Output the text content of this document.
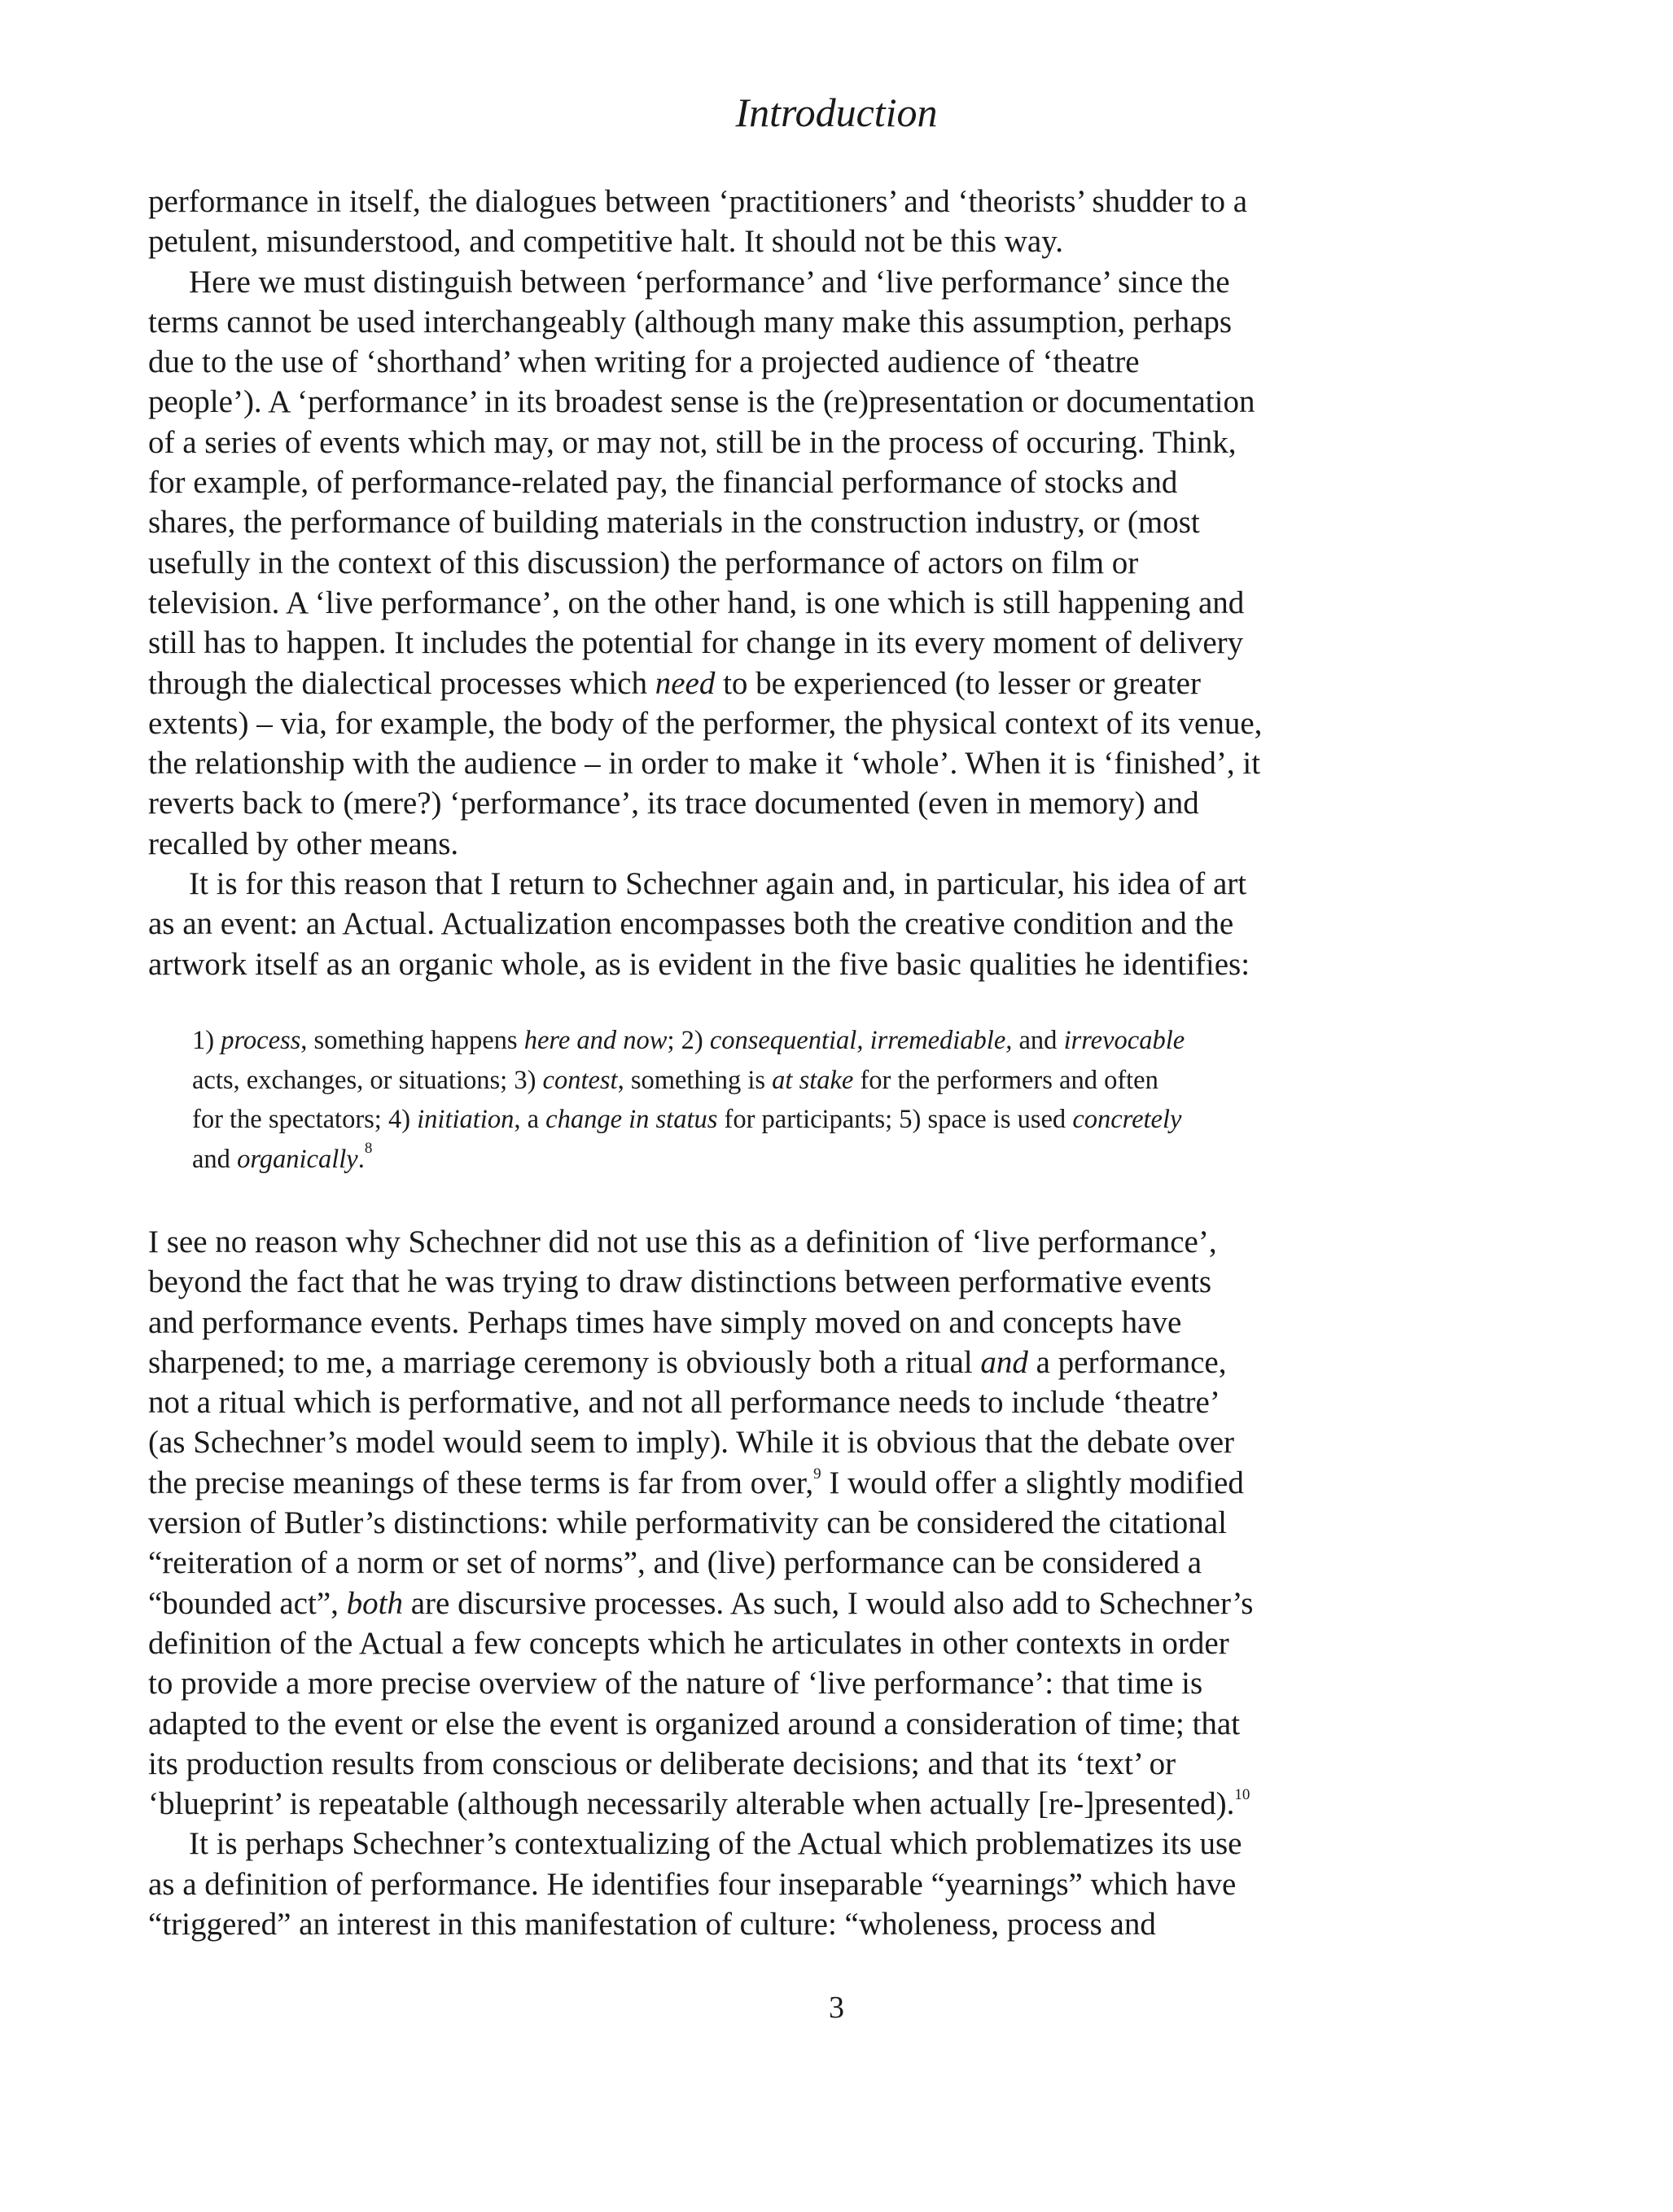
Introduction
performance in itself, the dialogues between ‘practitioners’ and ‘theorists’ shudder to a
petulent, misunderstood, and competitive halt. It should not be this way.
Here we must distinguish between ‘performance’ and ‘live performance’ since the
terms cannot be used interchangeably (although many make this assumption, perhaps
due to the use of ‘shorthand’ when writing for a projected audience of ‘theatre
people’). A ‘performance’ in its broadest sense is the (re)presentation or documentation
of a series of events which may, or may not, still be in the process of occuring. Think,
for example, of performance-related pay, the financial performance of stocks and
shares, the performance of building materials in the construction industry, or (most
usefully in the context of this discussion) the performance of actors on film or
television. A ‘live performance’, on the other hand, is one which is still happening and
still has to happen. It includes the potential for change in its every moment of delivery
through the dialectical processes which need to be experienced (to lesser or greater
extents) – via, for example, the body of the performer, the physical context of its venue,
the relationship with the audience – in order to make it ‘whole’. When it is ‘finished’, it
reverts back to (mere?) ‘performance’, its trace documented (even in memory) and
recalled by other means.
It is for this reason that I return to Schechner again and, in particular, his idea of art
as an event: an Actual. Actualization encompasses both the creative condition and the
artwork itself as an organic whole, as is evident in the five basic qualities he identifies:
1) process, something happens here and now; 2) consequential, irremediable, and irrevocable
acts, exchanges, or situations; 3) contest, something is at stake for the performers and often
for the spectators; 4) initiation, a change in status for participants; 5) space is used concretely
and organically.$^8$
I see no reason why Schechner did not use this as a definition of ‘live performance’,
beyond the fact that he was trying to draw distinctions between performative events
and performance events. Perhaps times have simply moved on and concepts have
sharpened; to me, a marriage ceremony is obviously both a ritual and a performance,
not a ritual which is performative, and not all performance needs to include ‘theatre’
(as Schechner’s model would seem to imply). While it is obvious that the debate over
the precise meanings of these terms is far from over,$^9$ I would offer a slightly modified
version of Butler’s distinctions: while performativity can be considered the citational
“reiteration of a norm or set of norms”, and (live) performance can be considered a
“bounded act”, both are discursive processes. As such, I would also add to Schechner’s
definition of the Actual a few concepts which he articulates in other contexts in order
to provide a more precise overview of the nature of ‘live performance’: that time is
adapted to the event or else the event is organized around a consideration of time; that
its production results from conscious or deliberate decisions; and that its ‘text’ or
‘blueprint’ is repeatable (although necessarily alterable when actually [re-]presented).$^{10}$
It is perhaps Schechner’s contextualizing of the Actual which problematizes its use
as a definition of performance. He identifies four inseparable “yearnings” which have
“triggered” an interest in this manifestation of culture: “wholeness, process and
3
